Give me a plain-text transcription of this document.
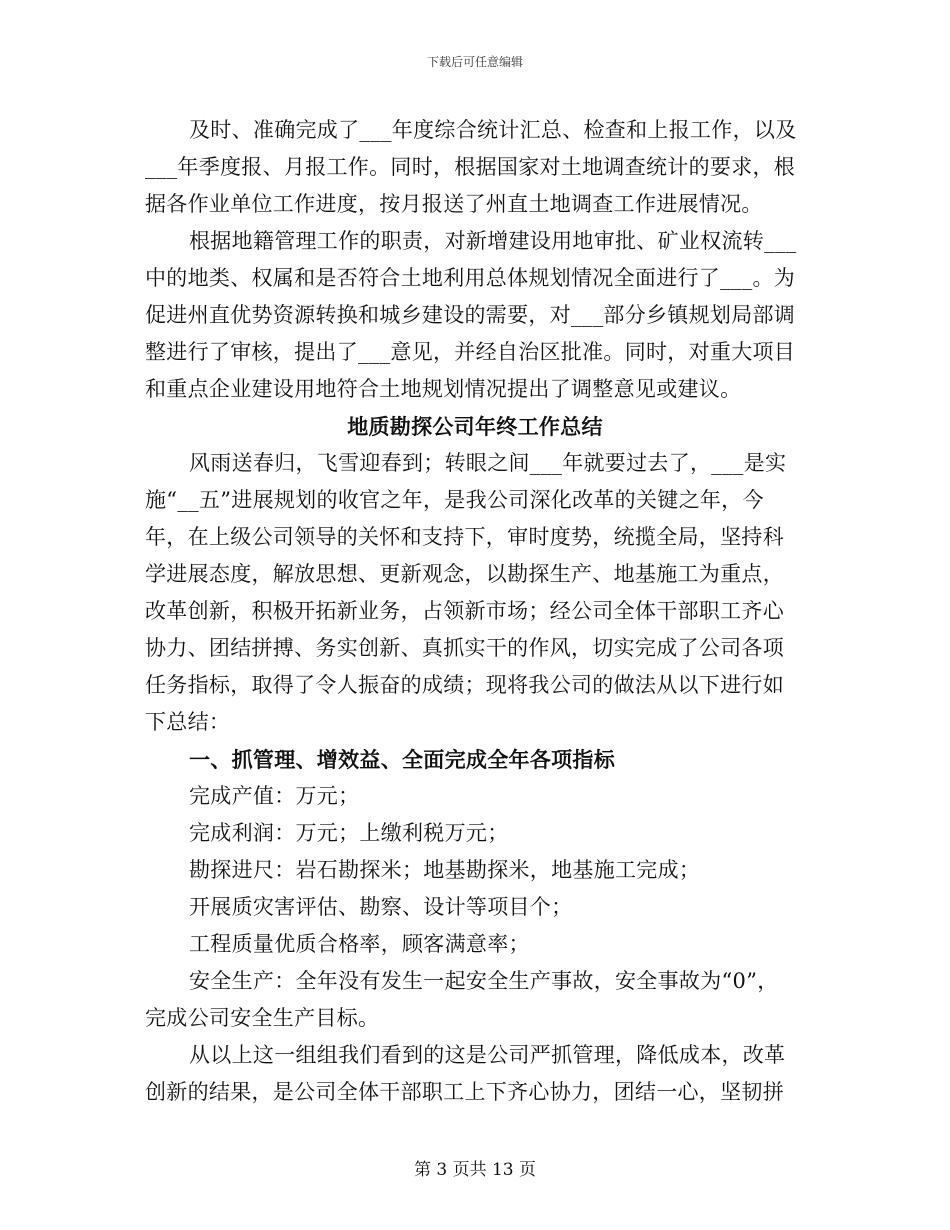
下载后可任意编辑
及时、准确完成了___年度综合统计汇总、检查和上报工作，以及
___年季度报、月报工作。同时，根据国家对土地调查统计的要求，根
据各作业单位工作进度，按月报送了州直土地调查工作进展情况。
根据地籍管理工作的职责，对新增建设用地审批、矿业权流转___
中的地类、权属和是否符合土地利用总体规划情况全面进行了___。为
促进州直优势资源转换和城乡建设的需要，对___部分乡镇规划局部调
整进行了审核，提出了___意见，并经自治区批准。同时，对重大项目
和重点企业建设用地符合土地规划情况提出了调整意见或建议。
地质勘探公司年终工作总结
风雨送春归，飞雪迎春到；转眼之间___年就要过去了，___是实
施“__五”进展规划的收官之年，是我公司深化改革的关键之年，今
年，在上级公司领导的关怀和支持下，审时度势，统揽全局，坚持科
学进展态度，解放思想、更新观念，以勘探生产、地基施工为重点，
改革创新，积极开拓新业务，占领新市场；经公司全体干部职工齐心
协力、团结拼搏、务实创新、真抓实干的作风，切实完成了公司各项
任务指标，取得了令人振奋的成绩；现将我公司的做法从以下进行如
下总结：
一、抓管理、增效益、全面完成全年各项指标
完成产值：万元；
完成利润：万元；上缴利税万元；
勘探进尺：岩石勘探米；地基勘探米，地基施工完成；
开展质灾害评估、勘察、设计等项目个；
工程质量优质合格率，顾客满意率；
安全生产：全年没有发生一起安全生产事故，安全事故为“0”，
完成公司安全生产目标。
从以上这一组组我们看到的这是公司严抓管理，降低成本，改革
创新的结果，是公司全体干部职工上下齐心协力，团结一心，坚韧拼
第 3 页共 13 页
